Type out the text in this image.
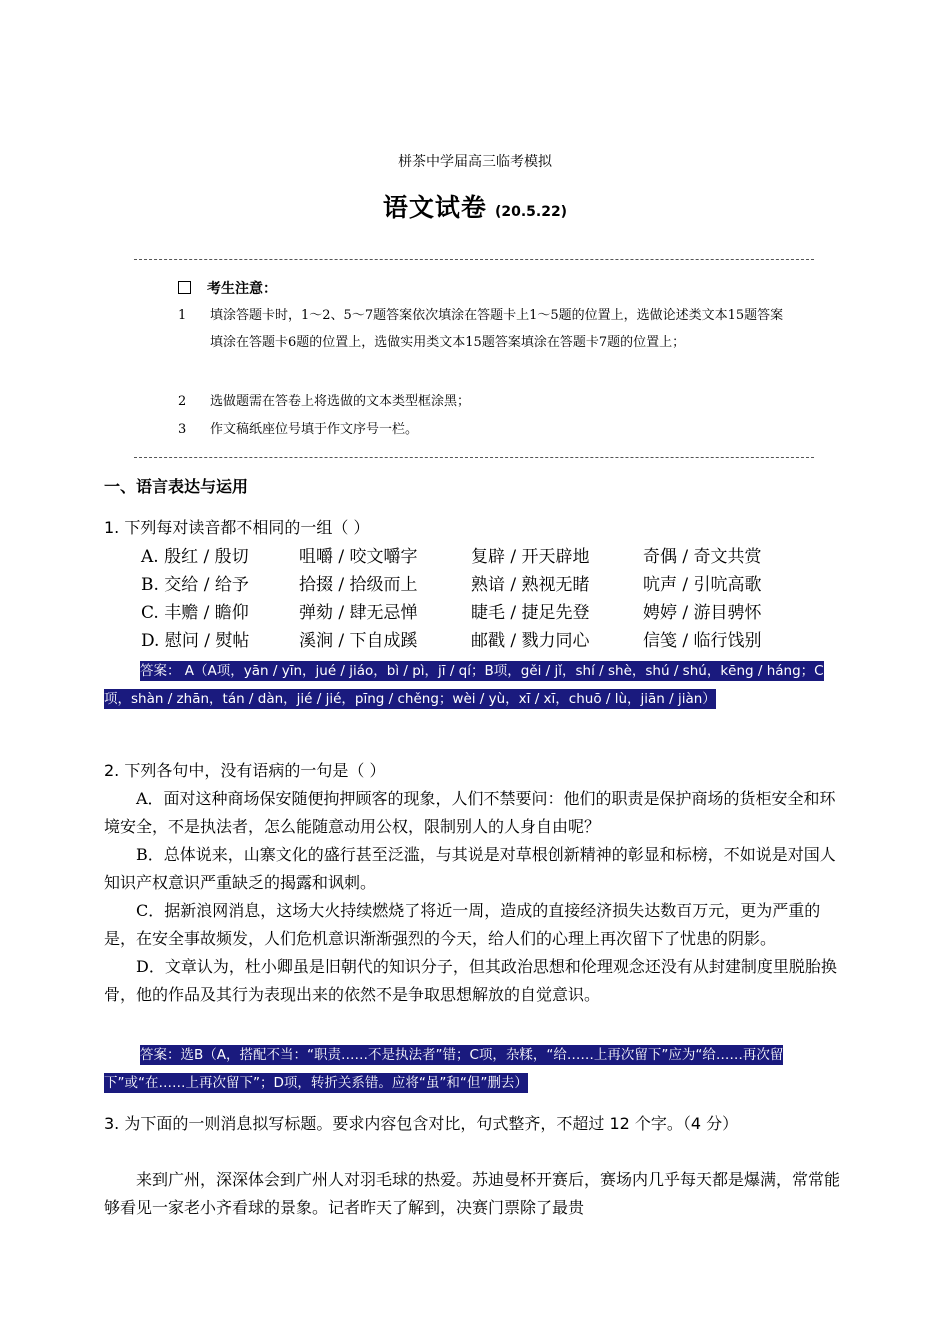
栟茶中学届高三临考模拟
语文试卷 (20.5.22)
考生注意：
1 填涂答题卡时，1～2、5～7题答案依次填涂在答题卡上1～5题的位置上，选做论述类文本15题答案填涂在答题卡6题的位置上，选做实用类文本15题答案填涂在答题卡7题的位置上；
2 选做题需在答卷上将选做的文本类型框涂黑；
3 作文稿纸座位号填于作文序号一栏。
一、语言表达与运用
1. 下列每对读音都不相同的一组（ ）
A. 殷红 / 殷切	咀嚼 / 咬文嚼字	复辟 / 开天辟地	奇偶 / 奇文共赏
B. 交给 / 给予	拾掇 / 拾级而上	熟谙 / 熟视无睹	吭声 / 引吭高歌
C. 丰赡 / 瞻仰	弹劾 / 肆无忌惮	睫毛 / 捷足先登	娉婷 / 游目骋怀
D. 慰问 / 熨帖	溪涧 / 下自成蹊	邮戳 / 戮力同心	信笺 / 临行饯别
答案： A（A项，yān / yīn，jué / jiáo，bì / pì，jī / qí；B项，gěi / jǐ，shí / shè，shú / shú，kēng / háng；C项，shàn / zhān，tán / dàn，jié / jié，pīng / chěng；wèi / yù，xī / xī，chuō / lù，jiān / jiàn）
2. 下列各句中，没有语病的一句是（ ）

A．面对这种商场保安随便拘押顾客的现象，人们不禁要问：他们的职责是保护商场的货柜安全和环境安全，不是执法者，怎么能随意动用公权，限制别人的人身自由呢？

B．总体说来，山寨文化的盛行甚至泛滥，与其说是对草根创新精神的彰显和标榜，不如说是对国人知识产权意识严重缺乏的揭露和讽刺。

C．据新浪网消息，这场大火持续燃烧了将近一周，造成的直接经济损失达数百万元，更为严重的是，在安全事故频发，人们危机意识渐渐强烈的今天，给人们的心理上再次留下了忧患的阴影。

D．文章认为，杜小卿虽是旧朝代的知识分子，但其政治思想和伦理观念还没有从封建制度里脱胎换骨，他的作品及其行为表现出来的依然不是争取思想解放的自觉意识。

答案：选B（A，搭配不当：“职责……不是执法者”错；C项，杂糅，“给……上再次留下”应为“给……再次留下”或“在……上再次留下”；D项，转折关系错。应将“虽”和“但”删去）
3. 为下面的一则消息拟写标题。要求内容包含对比，句式整齐，不超过 12 个字。（4 分）

来到广州，深深体会到广州人对羽毛球的热爱。苏迪曼杯开赛后，赛场内几乎每天都是爆满，常常能够看见一家老小齐看球的景象。记者昨天了解到，决赛门票除了最贵
